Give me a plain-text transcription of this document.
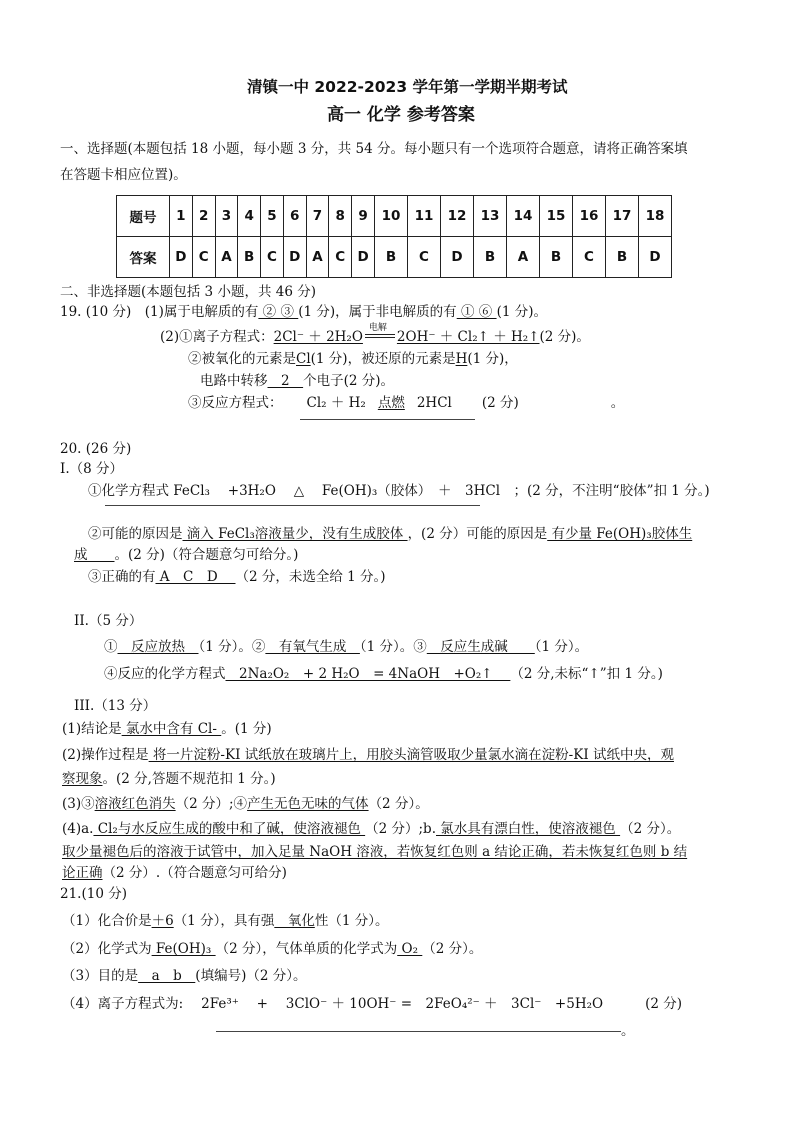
清镇一中 2022-2023 学年第一学期半期考试
高一 化学 参考答案
一、选择题(本题包括 18 小题，每小题 3 分，共 54 分。每小题只有一个选项符合题意，请将正确答案填
在答题卡相应位置)。
题号	1	2	3	4	5	6	7	8	9	10	11	12	13	14	15	16	17	18
答案	D	C	A	B	C	D	A	C	D	B	C	D	B	A	B	C	B	D
二、非选择题(本题包括 3 小题，共 46 分)
19. (10 分)　(1)属于电解质的有 ② ③ (1 分)，属于非电解质的有 ① ⑥ (1 分)。
(2)①离子方程式：2Cl⁻ ＋ 2H₂O
电解
2OH⁻ ＋ Cl₂↑ ＋ H₂↑(2 分)。
②被氧化的元素是Cl(1 分)，被还原的元素是H(1 分)，
电路中转移　2　个电子(2 分)。
③反应方程式： Cl₂ ＋ H₂ 点燃 2HCl (2 分)	。
20. (26 分)
I.（8 分）
①化学方程式 FeCl₃　 +3H₂O　 △　 Fe(OH)₃（胶体）　＋　3HCl　；(2 分，不注明“胶体”扣 1 分。)
②可能的原因是 滴入 FeCl₃溶液量少，没有生成胶体 ，(2 分）可能的原因是 有少量 Fe(OH)₃胶体生
成　　。(2 分)（符合题意匀可给分。)
③正确的有 A　C　D　 （2 分，未选全给 1 分。)
II.（5 分）
①　反应放热　（1 分）。②　有氧气生成　（1 分）。③　反应生成碱　　（1 分）。
④反应的化学方程式　2Na₂O₂　+ 2 H₂O　= 4NaOH　+O₂↑　 （2 分,未标“↑”扣 1 分。)
III.（13 分）
(1)结论是 氯水中含有 Cl- 。(1 分)
(2)操作过程是 将一片淀粉-KI 试纸放在玻璃片上，用胶头滴管吸取少量氯水滴在淀粉-KI 试纸中央，观
察现象。(2 分,答题不规范扣 1 分。)
(3)③溶液红色消失（2 分）;④产生无色无味的气体（2 分）。
(4)a. Cl₂与水反应生成的酸中和了碱，使溶液褪色 （2 分）;b. 氯水具有漂白性，使溶液褪色 （2 分）。
取少量褪色后的溶液于试管中，加入足量 NaOH 溶液，若恢复红色则 a 结论正确，若未恢复红色则 b 结
论正确（2 分）.（符合题意匀可给分)
21.(10 分)
（1）化合价是＋6（1 分），具有强　氧化性（1 分）。
（2）化学式为 Fe(OH)₃ （2 分），气体单质的化学式为 O₂ （2 分）。
（3）目的是　a　b　(填编号)（2 分）。
（4）离子方程式为: 2Fe³⁺　 +　 3ClO⁻ ＋ 10OH⁻ =　2FeO₄²⁻ ＋　3Cl⁻　+5H₂O	(2 分)
。
